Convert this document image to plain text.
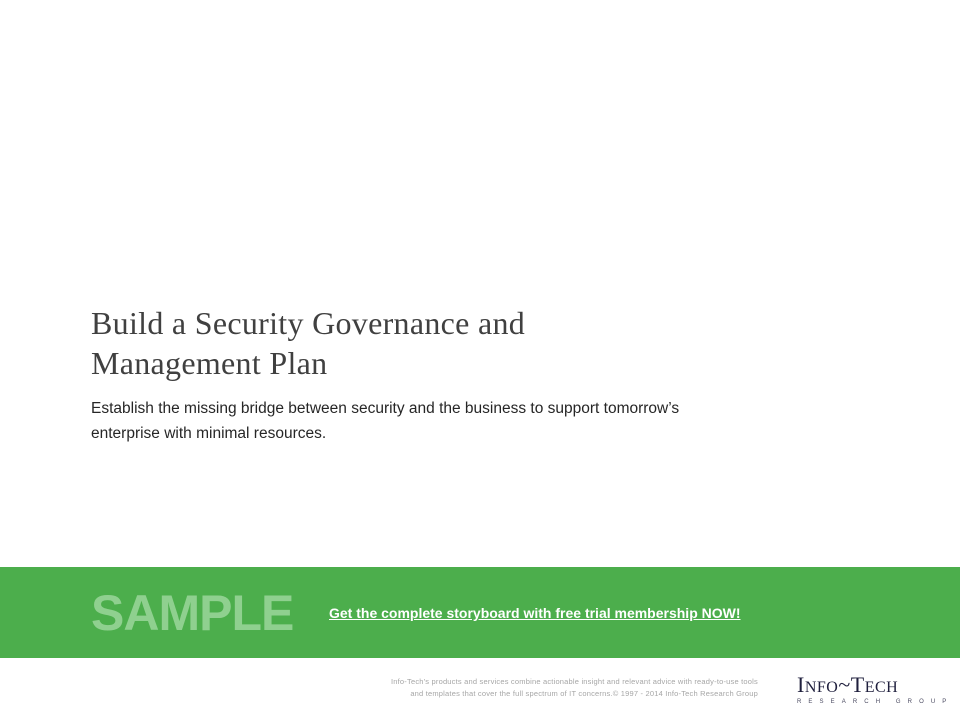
Build a Security Governance and
Management Plan

Establish the missing bridge between security and the business to support tomorrow’s
enterprise with minimal resources.

SAMPLE	Get the complete storyboard with free trial membership NOW!
Info-Tech's products and services combine actionable insight and relevant advice with ready-to-use tools
and templates that cover the full spectrum of IT concerns.© 1997 - 2014 Info-Tech Research Group INFO~TECH
RESEARCH GROUP
